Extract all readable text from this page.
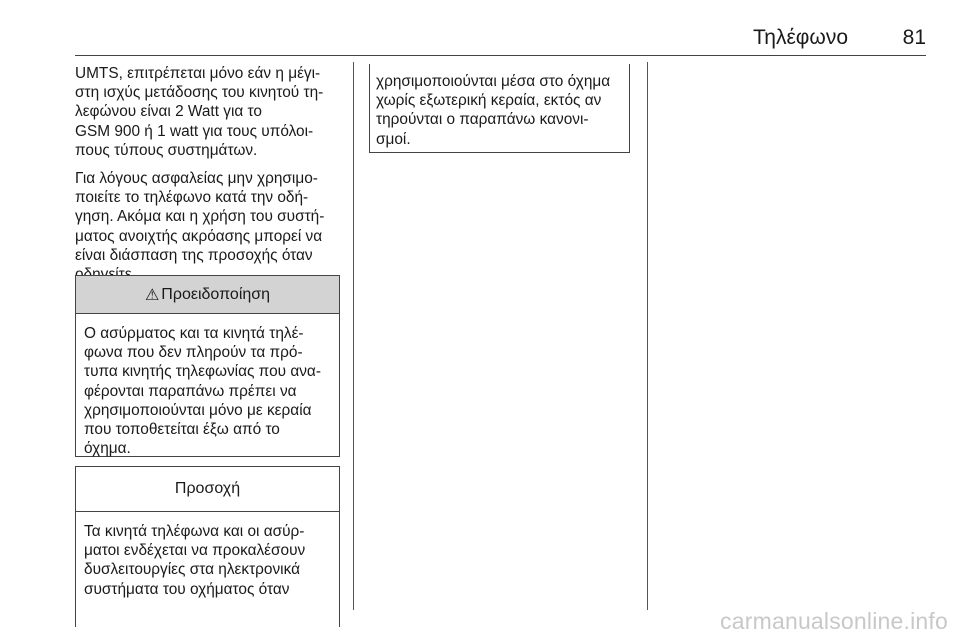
Τηλέφωνο	81

UMTS, επιτρέπεται μόνο εάν η μέγι-
στη ισχύς μετάδοσης του κινητού τη-
λεφώνου είναι 2 Watt για το
GSM 900 ή 1 watt για τους υπόλοι-
πους τύπους συστημάτων.

Για λόγους ασφαλείας μην χρησιμο-
ποιείτε το τηλέφωνο κατά την οδή-
γηση. Ακόμα και η χρήση του συστή-
ματος ανοιχτής ακρόασης μπορεί να
είναι διάσπαση της προσοχής όταν

⚠ Προειδοποίηση
Ο ασύρματος και τα κινητά τηλέ-
φωνα που δεν πληρούν τα πρό-
τυπα κινητής τηλεφωνίας που ανα-
φέρονται παραπάνω πρέπει να
χρησιμοποιούνται μόνο με κεραία
που τοποθετείται έξω από το
όχημα.
Προσοχή
Τα κινητά τηλέφωνα και οι ασύρ-
ματοι ενδέχεται να προκαλέσουν
δυσλειτουργίες στα ηλεκτρονικά
συστήματα του οχήματος όταν
χρησιμοποιούνται μέσα στο όχημα
χωρίς εξωτερική κεραία, εκτός αν
τηρούνται ο παραπάνω κανονι-
σμοί.
carmanualsonline.info
